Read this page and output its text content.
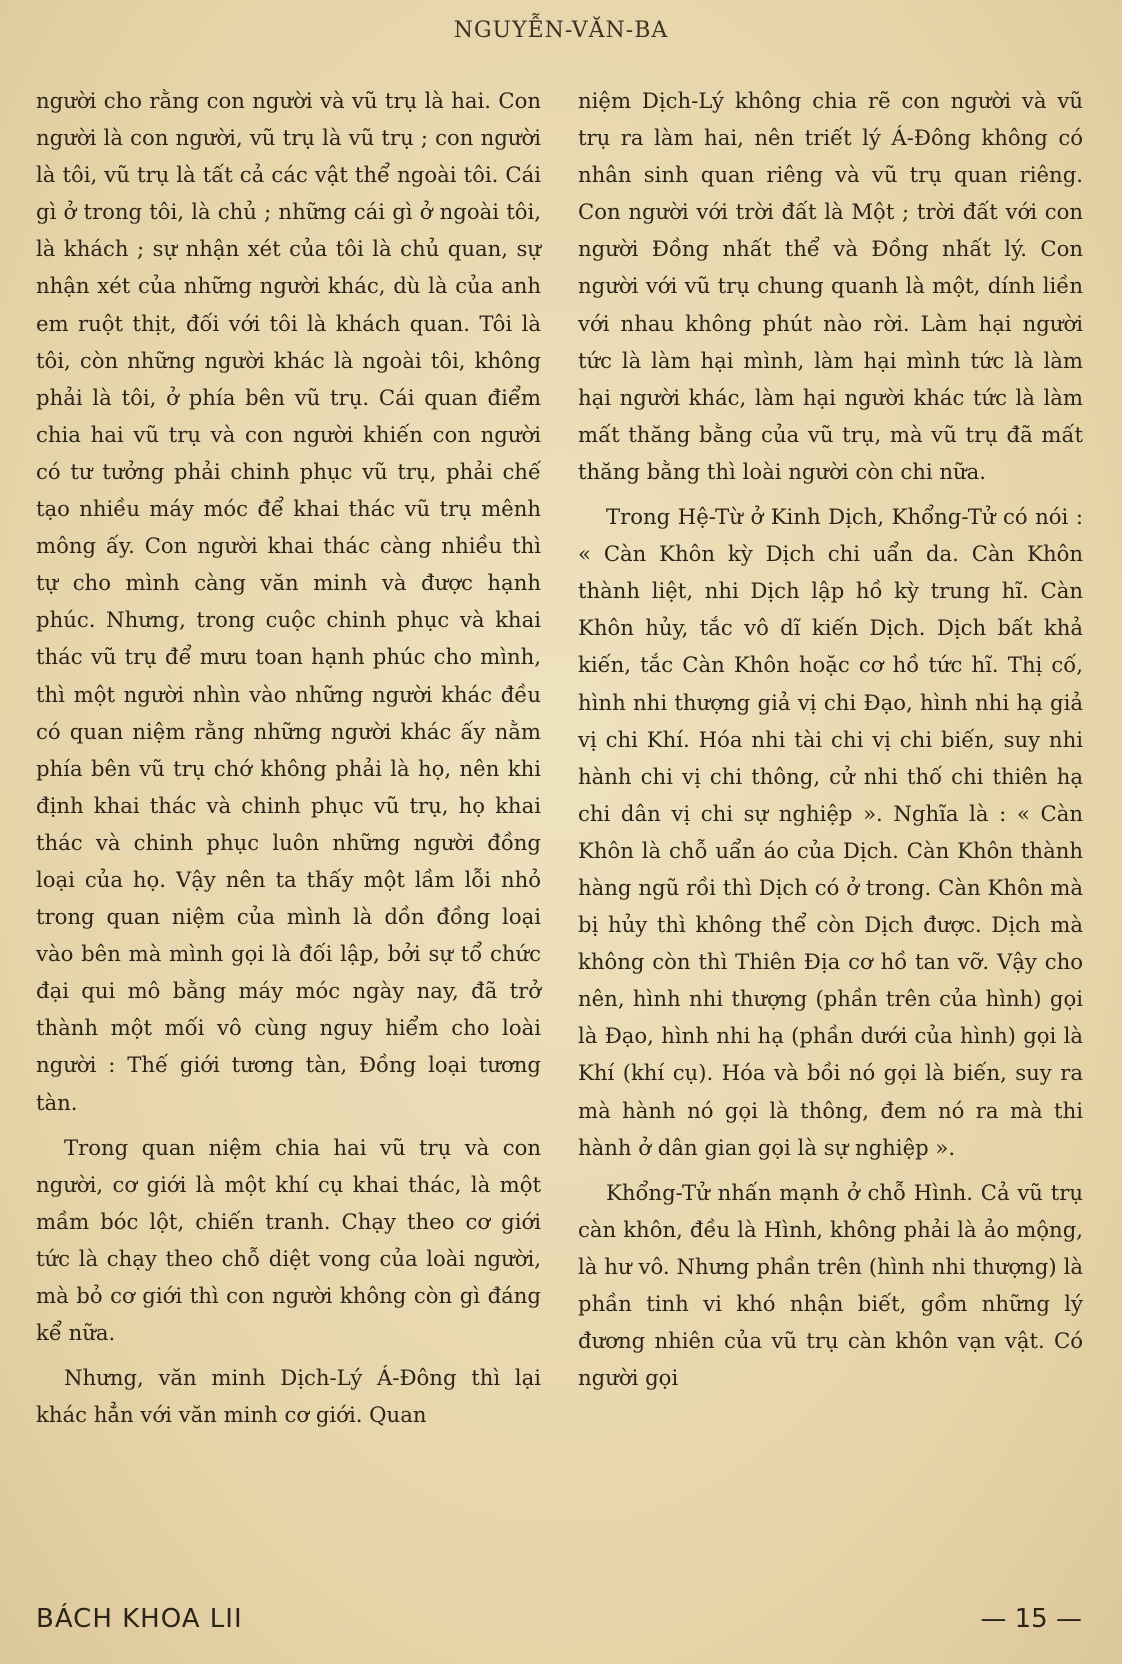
NGUYỄN-VĂN-BA

người cho rằng con người và vũ trụ là hai. Con người là con người, vũ trụ là vũ trụ ; con người là tôi, vũ trụ là tất cả các vật thể ngoài tôi. Cái gì ở trong tôi, là chủ ; những cái gì ở ngoài tôi, là khách ; sự nhận xét của tôi là chủ quan, sự nhận xét của những người khác, dù là của anh em ruột thịt, đối với tôi là khách quan. Tôi là tôi, còn những người khác là ngoài tôi, không phải là tôi, ở phía bên vũ trụ. Cái quan điểm chia hai vũ trụ và con người khiến con người có tư tưởng phải chinh phục vũ trụ, phải chế tạo nhiều máy móc để khai thác vũ trụ mênh mông ấy. Con người khai thác càng nhiều thì tự cho mình càng văn minh và được hạnh phúc. Nhưng, trong cuộc chinh phục và khai thác vũ trụ để mưu toan hạnh phúc cho mình, thì một người nhìn vào những người khác đều có quan niệm rằng những người khác ấy nằm phía bên vũ trụ chớ không phải là họ, nên khi định khai thác và chinh phục vũ trụ, họ khai thác và chinh phục luôn những người đồng loại của họ. Vậy nên ta thấy một lầm lỗi nhỏ trong quan niệm của mình là dồn đồng loại vào bên mà mình gọi là đối lập, bởi sự tổ chức đại qui mô bằng máy móc ngày nay, đã trở thành một mối vô cùng nguy hiểm cho loài người : Thế giới tương tàn, Đồng loại tương tàn.

Trong quan niệm chia hai vũ trụ và con người, cơ giới là một khí cụ khai thác, là một mầm bóc lột, chiến tranh. Chạy theo cơ giới tức là chạy theo chỗ diệt vong của loài người, mà bỏ cơ giới thì con người không còn gì đáng kể nữa.

Nhưng, văn minh Dịch-Lý Á-Đông thì lại khác hẳn với văn minh cơ giới. Quan

niệm Dịch-Lý không chia rẽ con người và vũ trụ ra làm hai, nên triết lý Á-Đông không có nhân sinh quan riêng và vũ trụ quan riêng. Con người với trời đất là Một ; trời đất với con người Đồng nhất thể và Đồng nhất lý. Con người với vũ trụ chung quanh là một, dính liền với nhau không phút nào rời. Làm hại người tức là làm hại mình, làm hại mình tức là làm hại người khác, làm hại người khác tức là làm mất thăng bằng của vũ trụ, mà vũ trụ đã mất thăng bằng thì loài người còn chi nữa.

Trong Hệ-Từ ở Kinh Dịch, Khổng-Tử có nói : « Càn Khôn kỳ Dịch chi uẩn da. Càn Khôn thành liệt, nhi Dịch lập hồ kỳ trung hĩ. Càn Khôn hủy, tắc vô dĩ kiến Dịch. Dịch bất khả kiến, tắc Càn Khôn hoặc cơ hồ tức hĩ. Thị cố, hình nhi thượng giả vị chi Đạo, hình nhi hạ giả vị chi Khí. Hóa nhi tài chi vị chi biến, suy nhi hành chi vị chi thông, cử nhi thố chi thiên hạ chi dân vị chi sự nghiệp ». Nghĩa là : « Càn Khôn là chỗ uẩn áo của Dịch. Càn Khôn thành hàng ngũ rồi thì Dịch có ở trong. Càn Khôn mà bị hủy thì không thể còn Dịch được. Dịch mà không còn thì Thiên Địa cơ hồ tan vỡ. Vậy cho nên, hình nhi thượng (phần trên của hình) gọi là Đạo, hình nhi hạ (phần dưới của hình) gọi là Khí (khí cụ). Hóa và bồi nó gọi là biến, suy ra mà hành nó gọi là thông, đem nó ra mà thi hành ở dân gian gọi là sự nghiệp ».

Khổng-Tử nhấn mạnh ở chỗ Hình. Cả vũ trụ càn khôn, đều là Hình, không phải là ảo mộng, là hư vô. Nhưng phần trên (hình nhi thượng) là phần tinh vi khó nhận biết, gồm những lý đương nhiên của vũ trụ càn khôn vạn vật. Có người gọi

BÁCH KHOA LII	— 15 —
